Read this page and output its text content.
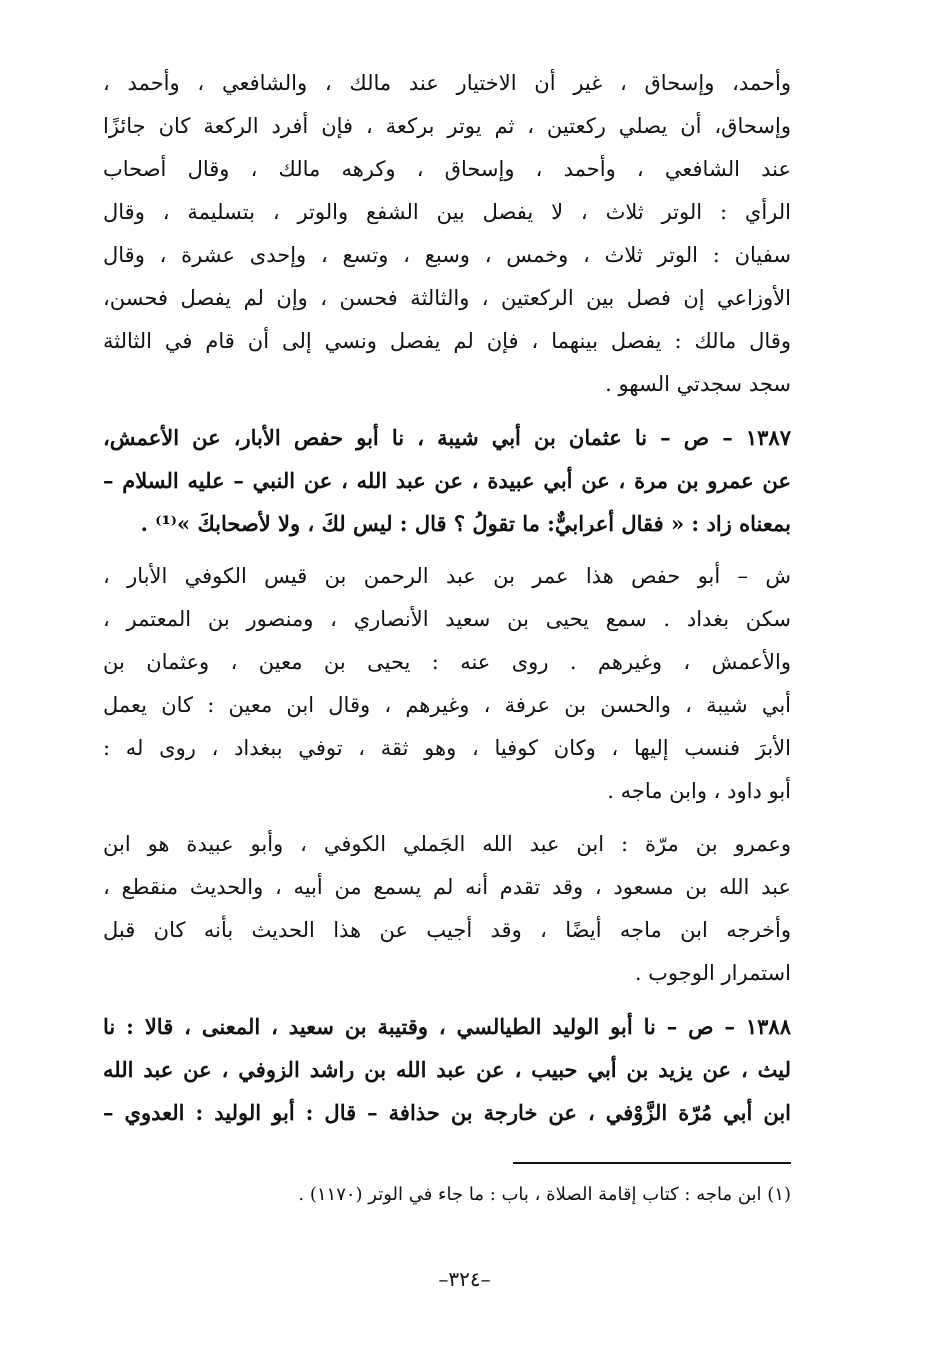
وأحمد، وإسحاق ، غير أن الاختيار عند مالك ، والشافعي ، وأحمد ،
وإسحاق، أن يصلي ركعتين ، ثم يوتر بركعة ، فإن أفرد الركعة كان جائزًا
عند الشافعي ، وأحمد ، وإسحاق ، وكرهه مالك ، وقال أصحاب
الرأي : الوتر ثلاث ، لا يفصل بين الشفع والوتر ، بتسليمة ، وقال
سفيان : الوتر ثلاث ، وخمس ، وسبع ، وتسع ، وإحدى عشرة ، وقال
الأوزاعي إن فصل بين الركعتين ، والثالثة فحسن ، وإن لم يفصل فحسن،
وقال مالك : يفصل بينهما ، فإن لم يفصل ونسي إلى أن قام في الثالثة
سجد سجدتي السهو .
١٣٨٧ – ص – نا عثمان بن أبي شيبة ، نا أبو حفص الأبار، عن الأعمش،
عن عمرو بن مرة ، عن أبي عبيدة ، عن عبد الله ، عن النبي – عليه السلام –
بمعناه زاد : « فقال أعرابيٌّ: ما تقولُ ؟ قال : ليس لكَ ، ولا لأصحابكَ »⁽¹⁾ .
ش – أبو حفص هذا عمر بن عبد الرحمن بن قيس الكوفي الأبار ،
سكن بغداد . سمع يحيى بن سعيد الأنصاري ، ومنصور بن المعتمر ،
والأعمش ، وغيرهم . روى عنه : يحيى بن معين ، وعثمان بن
أبي شيبة ، والحسن بن عرفة ، وغيرهم ، وقال ابن معين : كان يعمل
الأبرَ فنسب إليها ، وكان كوفيا ، وهو ثقة ، توفي ببغداد ، روى له :
أبو داود ، وابن ماجه .
وعمرو بن مرّة : ابن عبد الله الجَملي الكوفي ، وأبو عبيدة هو ابن
عبد الله بن مسعود ، وقد تقدم أنه لم يسمع من أبيه ، والحديث منقطع ،
وأخرجه ابن ماجه أيضًا ، وقد أجيب عن هذا الحديث بأنه كان قبل
استمرار الوجوب .
١٣٨٨ – ص – نا أبو الوليد الطيالسي ، وقتيبة بن سعيد ، المعنى ، قالا : نا
ليث ، عن يزيد بن أبي حبيب ، عن عبد الله بن راشد الزوفي ، عن عبد الله
ابن أبي مُرّة الزَّوْفي ، عن خارجة بن حذافة – قال : أبو الوليد : العدوي –
(١) ابن ماجه : كتاب إقامة الصلاة ، باب : ما جاء في الوتر (١١٧٠) .
–٣٢٤–
